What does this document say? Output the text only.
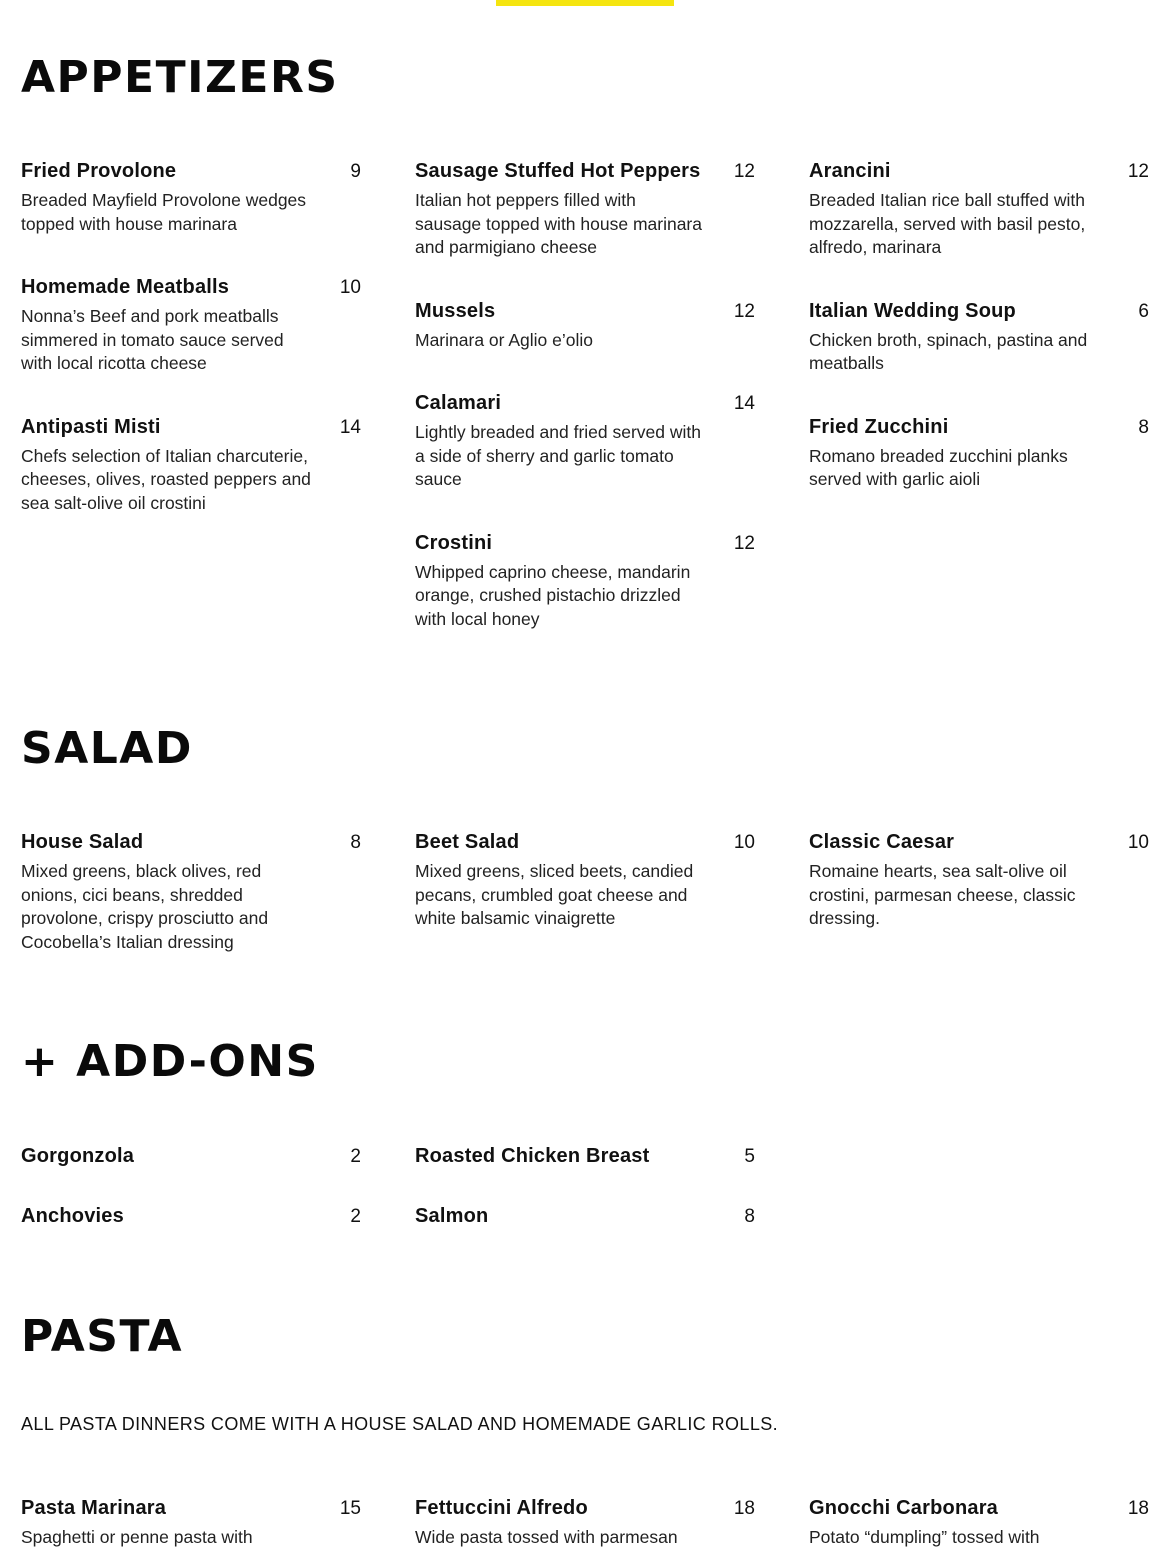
APPETIZERS
Fried Provolone	9
Breaded Mayfield Provolone wedges topped with house marinara
Homemade Meatballs	10
Nonna’s Beef and pork meatballs simmered in tomato sauce served with local ricotta cheese
Antipasti Misti	14
Chefs selection of Italian charcuterie, cheeses, olives, roasted peppers and sea salt-olive oil crostini
Sausage Stuffed Hot Peppers 12
Italian hot peppers filled with sausage topped with house marinara and parmigiano cheese
Mussels	12
Marinara or Aglio e’olio
Calamari	14
Lightly breaded and fried served with a side of sherry and garlic tomato sauce
Crostini	12
Whipped caprino cheese, mandarin orange, crushed pistachio drizzled with local honey
Arancini	12
Breaded Italian rice ball stuffed with mozzarella, served with basil pesto, alfredo, marinara
Italian Wedding Soup	6
Chicken broth, spinach, pastina and meatballs
Fried Zucchini	8
Romano breaded zucchini planks served with garlic aioli
SALAD
House Salad	8
Mixed greens, black olives, red onions, cici beans, shredded provolone, crispy prosciutto and Cocobella’s Italian dressing
Beet Salad	10
Mixed greens, sliced beets, candied pecans, crumbled goat cheese and white balsamic vinaigrette
Classic Caesar	10
Romaine hearts, sea salt-olive oil crostini, parmesan cheese, classic dressing.
+ ADD-ONS
Gorgonzola	2
Anchovies	2
Roasted Chicken Breast	5
Salmon	8
PASTA

ALL PASTA DINNERS COME WITH A HOUSE SALAD AND HOMEMADE GARLIC ROLLS.

Pasta Marinara	15
Spaghetti or penne pasta with
Fettuccini Alfredo	18
Wide pasta tossed with parmesan
Gnocchi Carbonara	18
Potato “dumpling” tossed with
